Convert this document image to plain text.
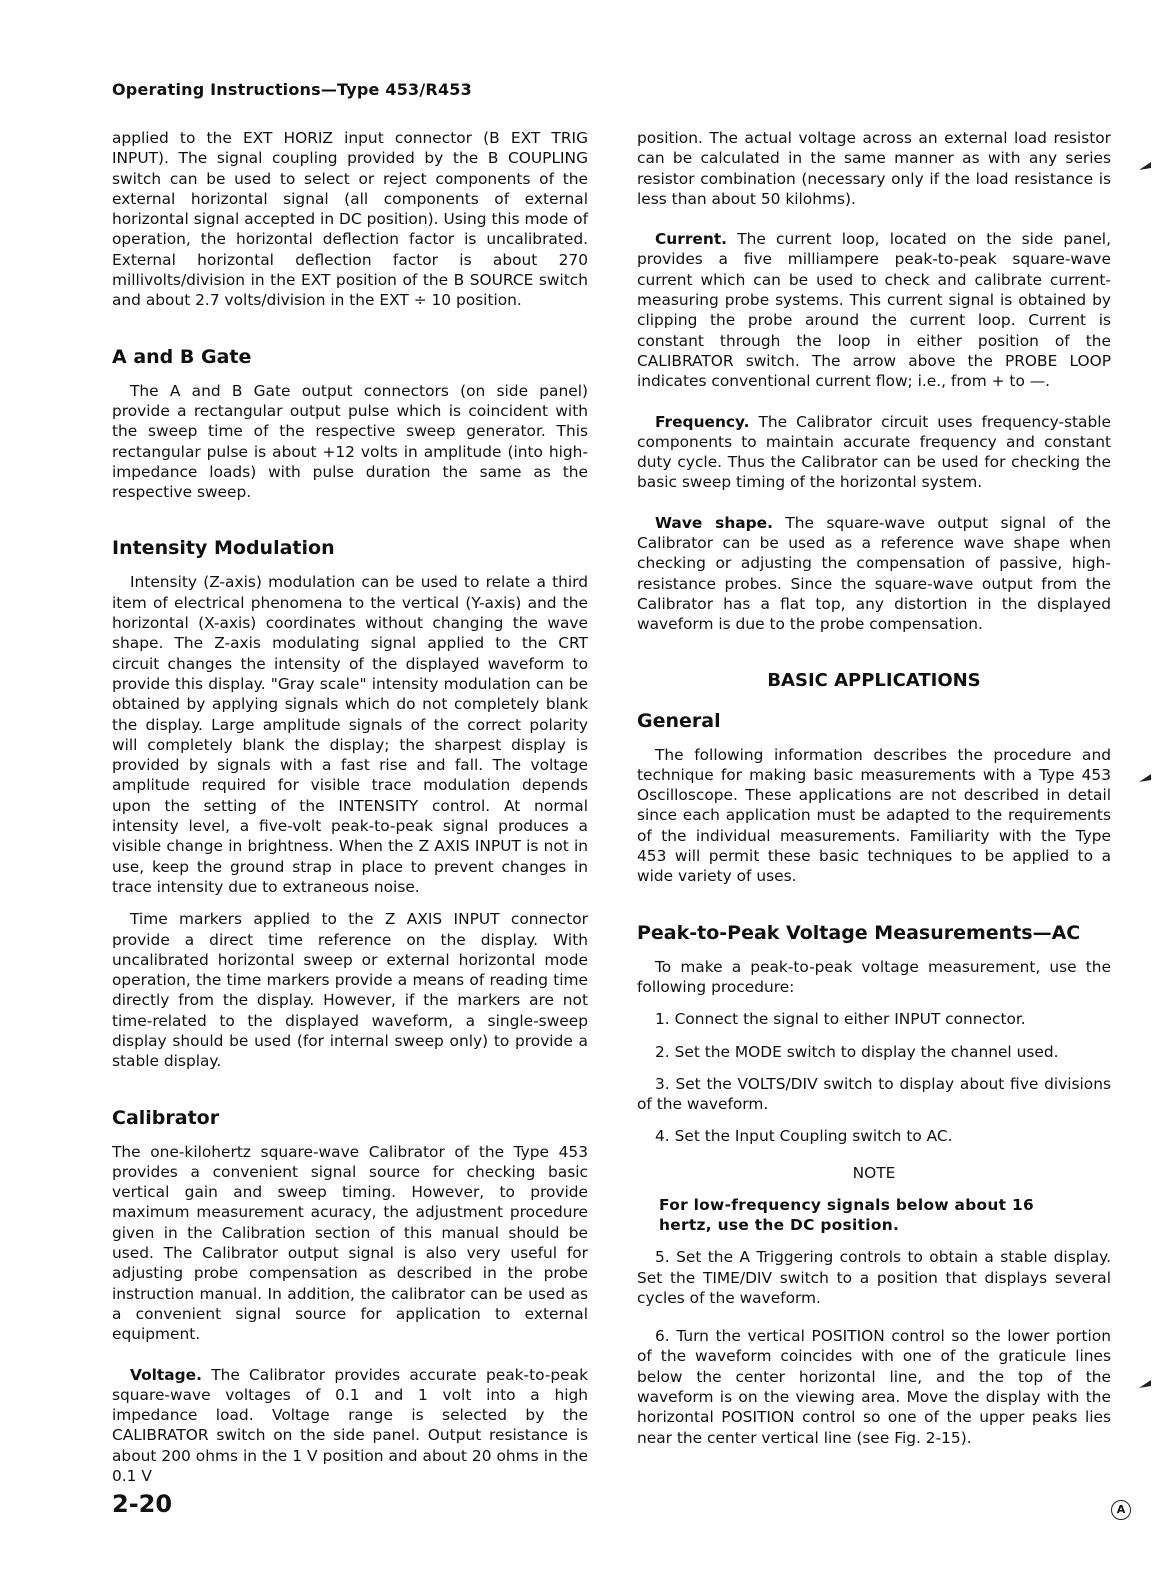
Operating Instructions—Type 453/R453

applied to the EXT HORIZ input connector (B EXT TRIG INPUT). The signal coupling provided by the B COUPLING switch can be used to select or reject components of the external horizontal signal (all components of external horizontal signal accepted in DC position). Using this mode of operation, the horizontal deflection factor is uncalibrated. External horizontal deflection factor is about 270 millivolts/division in the EXT position of the B SOURCE switch and about 2.7 volts/division in the EXT ÷ 10 position.

A and B Gate

The A and B Gate output connectors (on side panel) provide a rectangular output pulse which is coincident with the sweep time of the respective sweep generator. This rectangular pulse is about +12 volts in amplitude (into high-impedance loads) with pulse duration the same as the respective sweep.

Intensity Modulation

Intensity (Z-axis) modulation can be used to relate a third item of electrical phenomena to the vertical (Y-axis) and the horizontal (X-axis) coordinates without changing the wave shape. The Z-axis modulating signal applied to the CRT circuit changes the intensity of the displayed waveform to provide this display. "Gray scale" intensity modulation can be obtained by applying signals which do not completely blank the display. Large amplitude signals of the correct polarity will completely blank the display; the sharpest display is provided by signals with a fast rise and fall. The voltage amplitude required for visible trace modulation depends upon the setting of the INTENSITY control. At normal intensity level, a five-volt peak-to-peak signal produces a visible change in brightness. When the Z AXIS INPUT is not in use, keep the ground strap in place to prevent changes in trace intensity due to extraneous noise.

Time markers applied to the Z AXIS INPUT connector provide a direct time reference on the display. With uncalibrated horizontal sweep or external horizontal mode operation, the time markers provide a means of reading time directly from the display. However, if the markers are not time-related to the displayed waveform, a single-sweep display should be used (for internal sweep only) to provide a stable display.

Calibrator

The one-kilohertz square-wave Calibrator of the Type 453 provides a convenient signal source for checking basic vertical gain and sweep timing. However, to provide maximum measurement acuracy, the adjustment procedure given in the Calibration section of this manual should be used. The Calibrator output signal is also very useful for adjusting probe compensation as described in the probe instruction manual. In addition, the calibrator can be used as a convenient signal source for application to external equipment.

Voltage. The Calibrator provides accurate peak-to-peak square-wave voltages of 0.1 and 1 volt into a high impedance load. Voltage range is selected by the CALIBRATOR switch on the side panel. Output resistance is about 200 ohms in the 1 V position and about 20 ohms in the 0.1 V

position. The actual voltage across an external load resistor can be calculated in the same manner as with any series resistor combination (necessary only if the load resistance is less than about 50 kilohms).

Current. The current loop, located on the side panel, provides a five milliampere peak-to-peak square-wave current which can be used to check and calibrate current-measuring probe systems. This current signal is obtained by clipping the probe around the current loop. Current is constant through the loop in either position of the CALIBRATOR switch. The arrow above the PROBE LOOP indicates conventional current flow; i.e., from + to —.

Frequency. The Calibrator circuit uses frequency-stable components to maintain accurate frequency and constant duty cycle. Thus the Calibrator can be used for checking the basic sweep timing of the horizontal system.

Wave shape. The square-wave output signal of the Calibrator can be used as a reference wave shape when checking or adjusting the compensation of passive, high-resistance probes. Since the square-wave output from the Calibrator has a flat top, any distortion in the displayed waveform is due to the probe compensation.

BASIC APPLICATIONS
General

The following information describes the procedure and technique for making basic measurements with a Type 453 Oscilloscope. These applications are not described in detail since each application must be adapted to the requirements of the individual measurements. Familiarity with the Type 453 will permit these basic techniques to be applied to a wide variety of uses.

Peak-to-Peak Voltage Measurements—AC

To make a peak-to-peak voltage measurement, use the following procedure:

1. Connect the signal to either INPUT connector.

2. Set the MODE switch to display the channel used.

3. Set the VOLTS/DIV switch to display about five divisions of the waveform.

4. Set the Input Coupling switch to AC.

NOTE

For low-frequency signals below about 16 hertz, use the DC position.

5. Set the A Triggering controls to obtain a stable display. Set the TIME/DIV switch to a position that displays several cycles of the waveform.

6. Turn the vertical POSITION control so the lower portion of the waveform coincides with one of the graticule lines below the center horizontal line, and the top of the waveform is on the viewing area. Move the display with the horizontal POSITION control so one of the upper peaks lies near the center vertical line (see Fig. 2-15).

2-20	A
